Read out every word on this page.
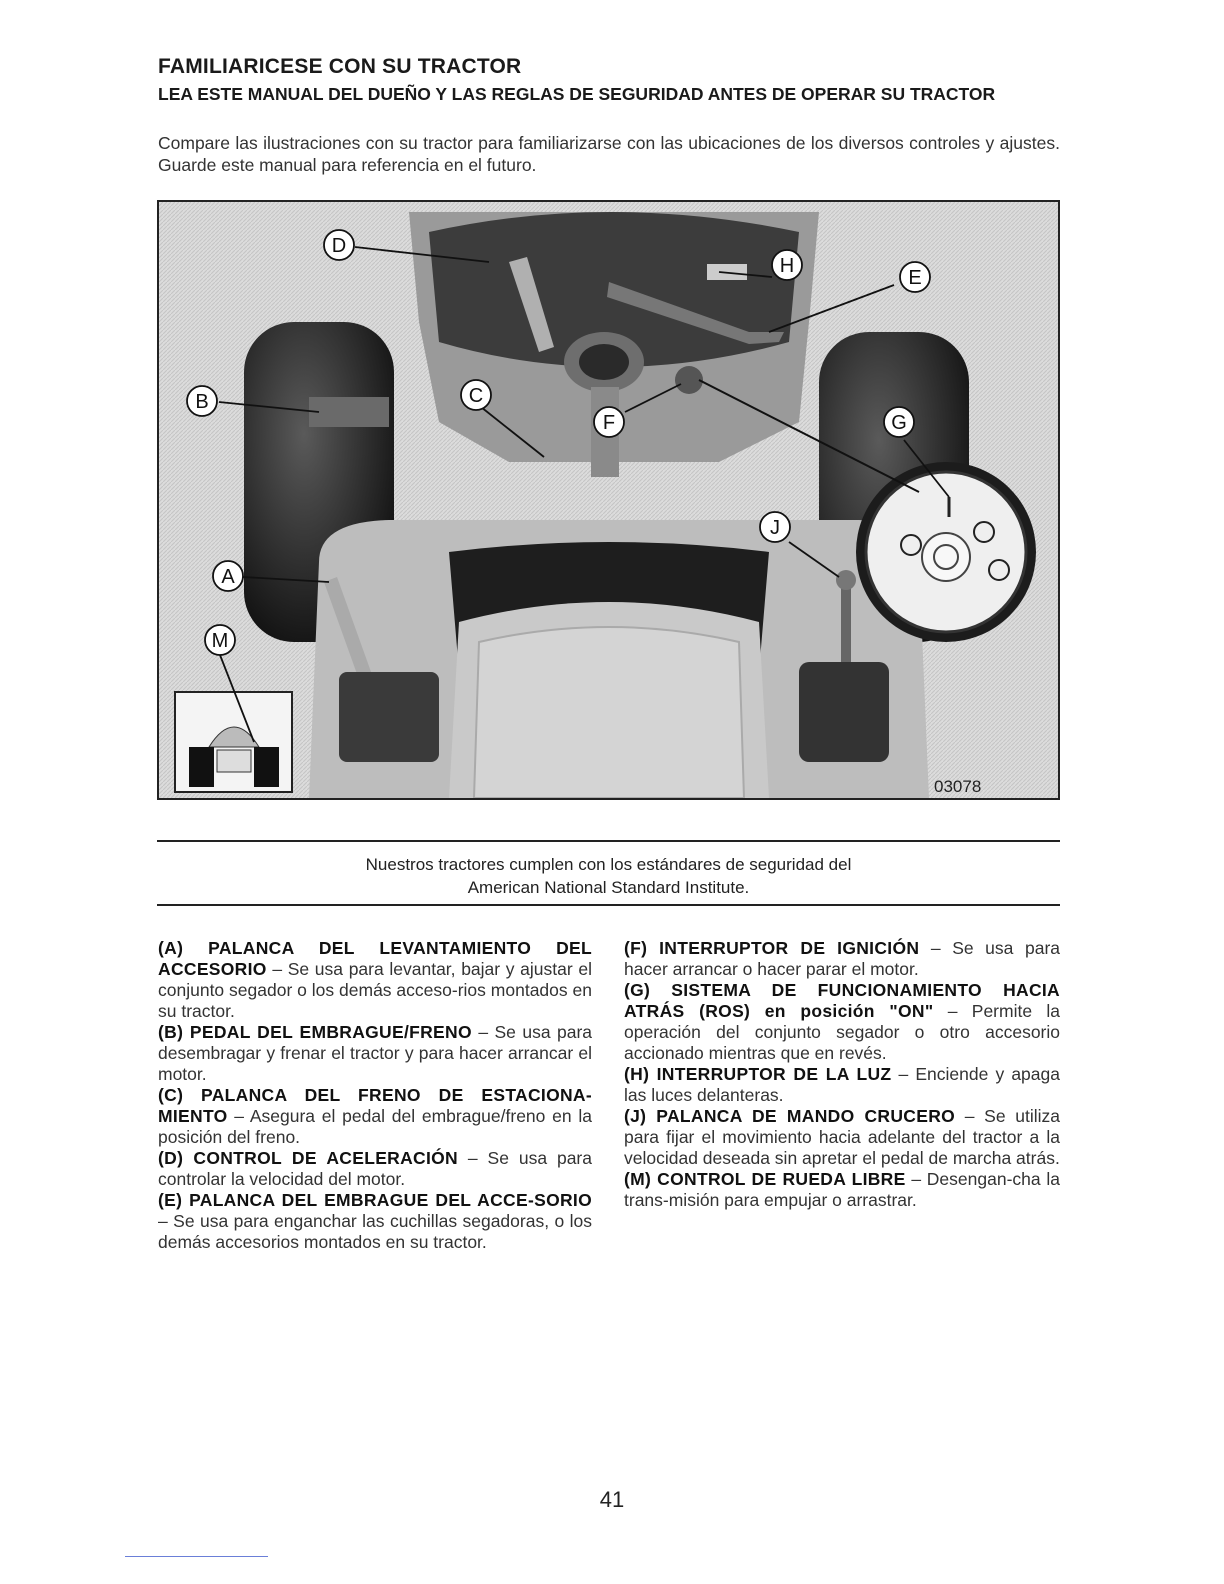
FAMILIARICESE CON SU TRACTOR
LEA ESTE MANUAL DEL DUEÑO Y LAS REGLAS DE SEGURIDAD ANTES DE OPERAR SU TRACTOR
Compare las ilustraciones con su tractor para familiarizarse con las ubicaciones de los diversos controles y ajustes. Guarde este manual para referencia en el futuro.
D
H
E
B	C
F	G
J
A
M
03078
Nuestros tractores cumplen con los estándares de seguridad del
American National Standard Institute.
(A) PALANCA DEL LEVANTAMIENTO DEL ACCESORIO – Se usa para levantar, bajar y ajustar el conjunto segador o los demás acceso-rios montados en su tractor.
(B) PEDAL DEL EMBRAGUE/FRENO – Se usa para desembragar y frenar el tractor y para hacer arrancar el motor.
(C) PALANCA DEL FRENO DE ESTACIONA-MIENTO – Asegura el pedal del embrague/freno en la posición del freno.
(D) CONTROL DE ACELERACIÓN – Se usa para controlar la velocidad del motor.
(E) PALANCA DEL EMBRAGUE DEL ACCE-SORIO – Se usa para enganchar las cuchillas segadoras, o los demás accesorios montados en su tractor.
(F) INTERRUPTOR DE IGNICIÓN – Se usa para hacer arrancar o hacer parar el motor.
(G) SISTEMA DE FUNCIONAMIENTO HACIA ATRÁS (ROS) en posición "ON" – Permite la operación del conjunto segador o otro accesorio accionado mientras que en revés.
(H) INTERRUPTOR DE LA LUZ – Enciende y apaga las luces delanteras.
(J) PALANCA DE MANDO CRUCERO – Se utiliza para fijar el movimiento hacia adelante del tractor a la velocidad deseada sin apretar el pedal de marcha atrás.
(M) CONTROL DE RUEDA LIBRE – Desengan-cha la trans-misión para empujar o arrastrar.
41
